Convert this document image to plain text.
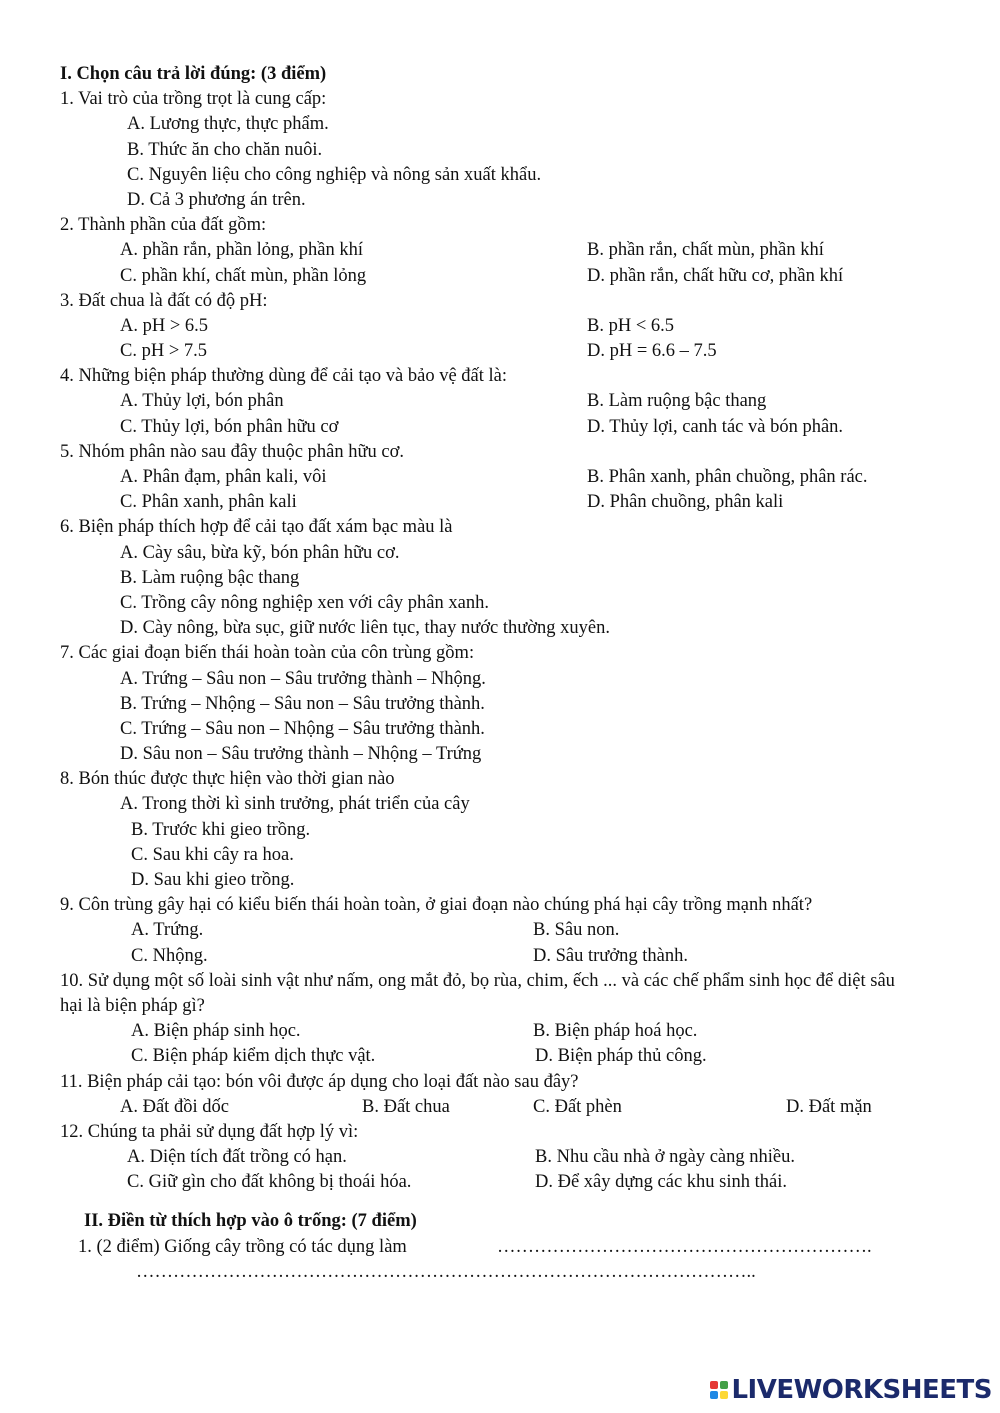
I. Chọn câu trả lời đúng: (3 điểm)
1. Vai trò của trồng trọt là cung cấp:
A. Lương thực, thực phẩm.
B. Thức ăn cho chăn nuôi.
C. Nguyên liệu cho công nghiệp và nông sản xuất khẩu.
D. Cả 3 phương án trên.
2. Thành phần của đất gồm:
A. phần rắn, phần lỏng, phần khí	B. phần rắn, chất mùn, phần khí
C. phần khí, chất mùn, phần lỏng	D. phần rắn, chất hữu cơ, phần khí
3. Đất chua là đất có độ pH:
A. pH > 6.5	B. pH < 6.5
C. pH > 7.5	D. pH = 6.6 – 7.5
4. Những biện pháp thường dùng để cải tạo và bảo vệ đất là:
A. Thủy lợi, bón phân	B. Làm ruộng bậc thang
C. Thủy lợi, bón phân hữu cơ	D. Thủy lợi, canh tác và bón phân.
5. Nhóm phân nào sau đây thuộc phân hữu cơ.
A. Phân đạm, phân kali, vôi	B. Phân xanh, phân chuồng, phân rác.
C. Phân xanh, phân kali	D. Phân chuồng, phân kali
6. Biện pháp thích hợp để cải tạo đất xám bạc màu là
A. Cày sâu, bừa kỹ, bón phân hữu cơ.
B. Làm ruộng bậc thang
C. Trồng cây nông nghiệp xen với cây phân xanh.
D. Cày nông, bừa sục, giữ nước liên tục, thay nước thường xuyên.
7. Các giai đoạn biến thái hoàn toàn của côn trùng gồm:
A. Trứng – Sâu non – Sâu trưởng thành – Nhộng.
B. Trứng – Nhộng – Sâu non – Sâu trưởng thành.
C. Trứng – Sâu non – Nhộng – Sâu trưởng thành.
D. Sâu non – Sâu trưởng thành – Nhộng – Trứng
8. Bón thúc được thực hiện vào thời gian nào
A. Trong thời kì sinh trưởng, phát triển của cây
B. Trước khi gieo trồng.
C. Sau khi cây ra hoa.
D. Sau khi gieo trồng.
9. Côn trùng gây hại có kiểu biến thái hoàn toàn, ở giai đoạn nào chúng phá hại cây trồng mạnh nhất?
A. Trứng.	B. Sâu non.
C. Nhộng.	D. Sâu trưởng thành.
10. Sử dụng một số loài sinh vật như nấm, ong mắt đỏ, bọ rùa, chim, ếch ... và các chế phẩm sinh học để diệt sâu hại là biện pháp gì?
A. Biện pháp sinh học.	B. Biện pháp hoá học.
C. Biện pháp kiểm dịch thực vật.	D. Biện pháp thủ công.
11. Biện pháp cải tạo: bón vôi được áp dụng cho loại đất nào sau đây?
A. Đất đồi dốc	B. Đất chua	C. Đất phèn	D. Đất mặn
12. Chúng ta phải sử dụng đất hợp lý vì:
A. Diện tích đất trồng có hạn.	B. Nhu cầu nhà ở ngày càng nhiều.
C. Giữ gìn cho đất không bị thoái hóa.	D. Để xây dựng các khu sinh thái.
II. Điền từ thích hợp vào ô trống: (7 điểm)
1. (2 điểm) Giống cây trồng có tác dụng làm	…………………………………………………….
………………………………………………………………………………………..
LIVEWORKSHEETS
